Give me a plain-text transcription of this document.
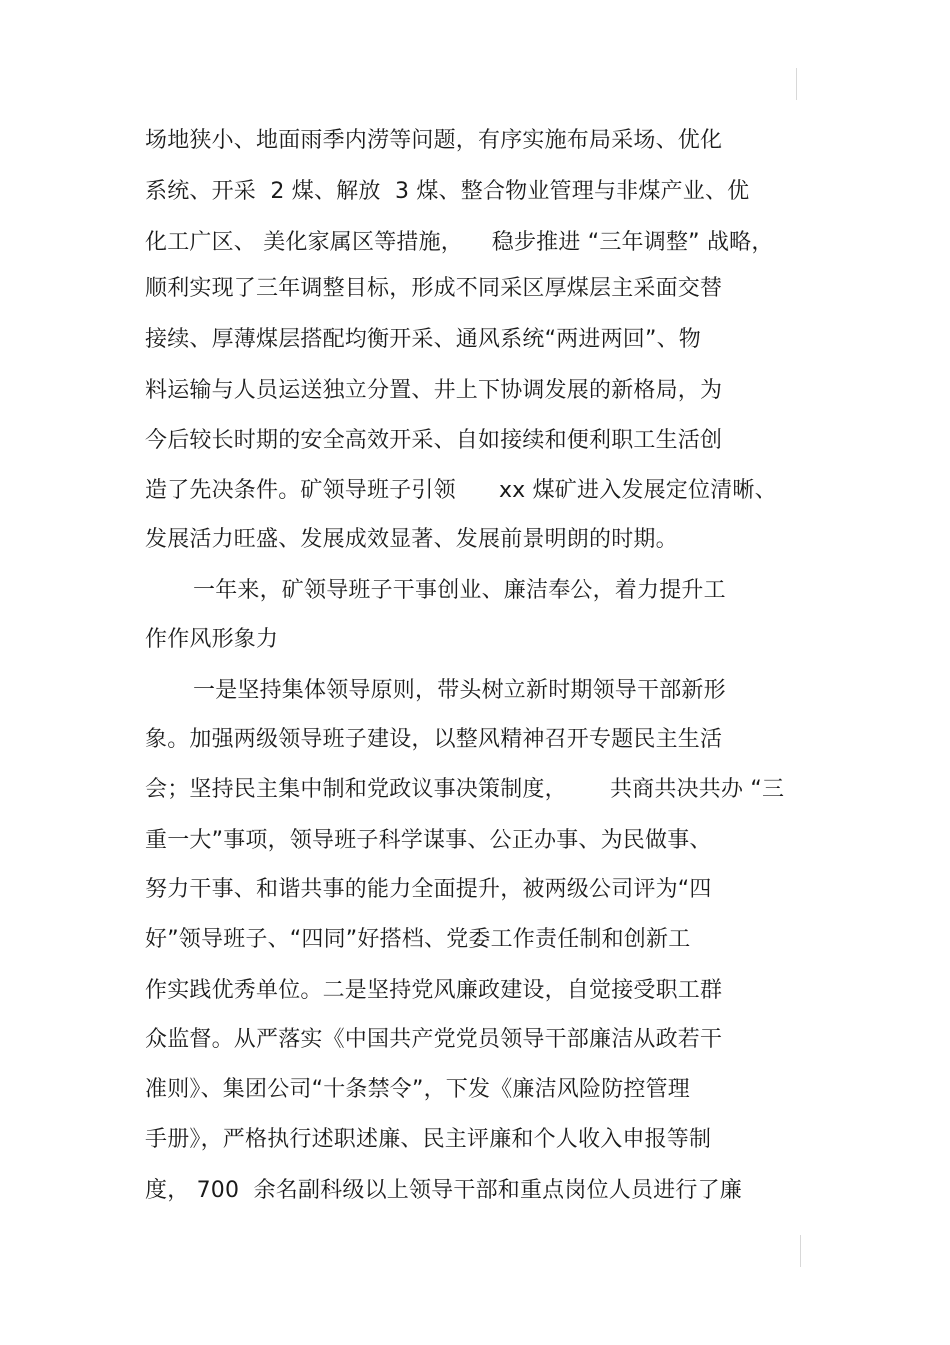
场地狭小、地面雨季内涝等问题，有序实施布局采场、优化
系统、开采  2 煤、解放  3 煤、整合物业管理与非煤产业、优
化工广区、 美化家属区等措施，    稳步推进 “三年调整” 战略，
顺利实现了三年调整目标，形成不同采区厚煤层主采面交替
接续、厚薄煤层搭配均衡开采、通风系统“两进两回”、物
料运输与人员运送独立分置、井上下协调发展的新格局，为
今后较长时期的安全高效开采、自如接续和便利职工生活创
造了先决条件。矿领导班子引领      xx 煤矿进入发展定位清晰、
发展活力旺盛、发展成效显著、发展前景明朗的时期。
一年来，矿领导班子干事创业、廉洁奉公，着力提升工
作作风形象力
一是坚持集体领导原则，带头树立新时期领导干部新形
象。加强两级领导班子建设，以整风精神召开专题民主生活
会；坚持民主集中制和党政议事决策制度，      共商共决共办 “三
重一大”事项，领导班子科学谋事、公正办事、为民做事、
努力干事、和谐共事的能力全面提升，被两级公司评为“四
好”领导班子、“四同”好搭档、党委工作责任制和创新工
作实践优秀单位。二是坚持党风廉政建设，自觉接受职工群
众监督。从严落实《中国共产党党员领导干部廉洁从政若干
准则》、集团公司“十条禁令”，下发《廉洁风险防控管理
手册》，严格执行述职述廉、民主评廉和个人收入申报等制
度， 700  余名副科级以上领导干部和重点岗位人员进行了廉
